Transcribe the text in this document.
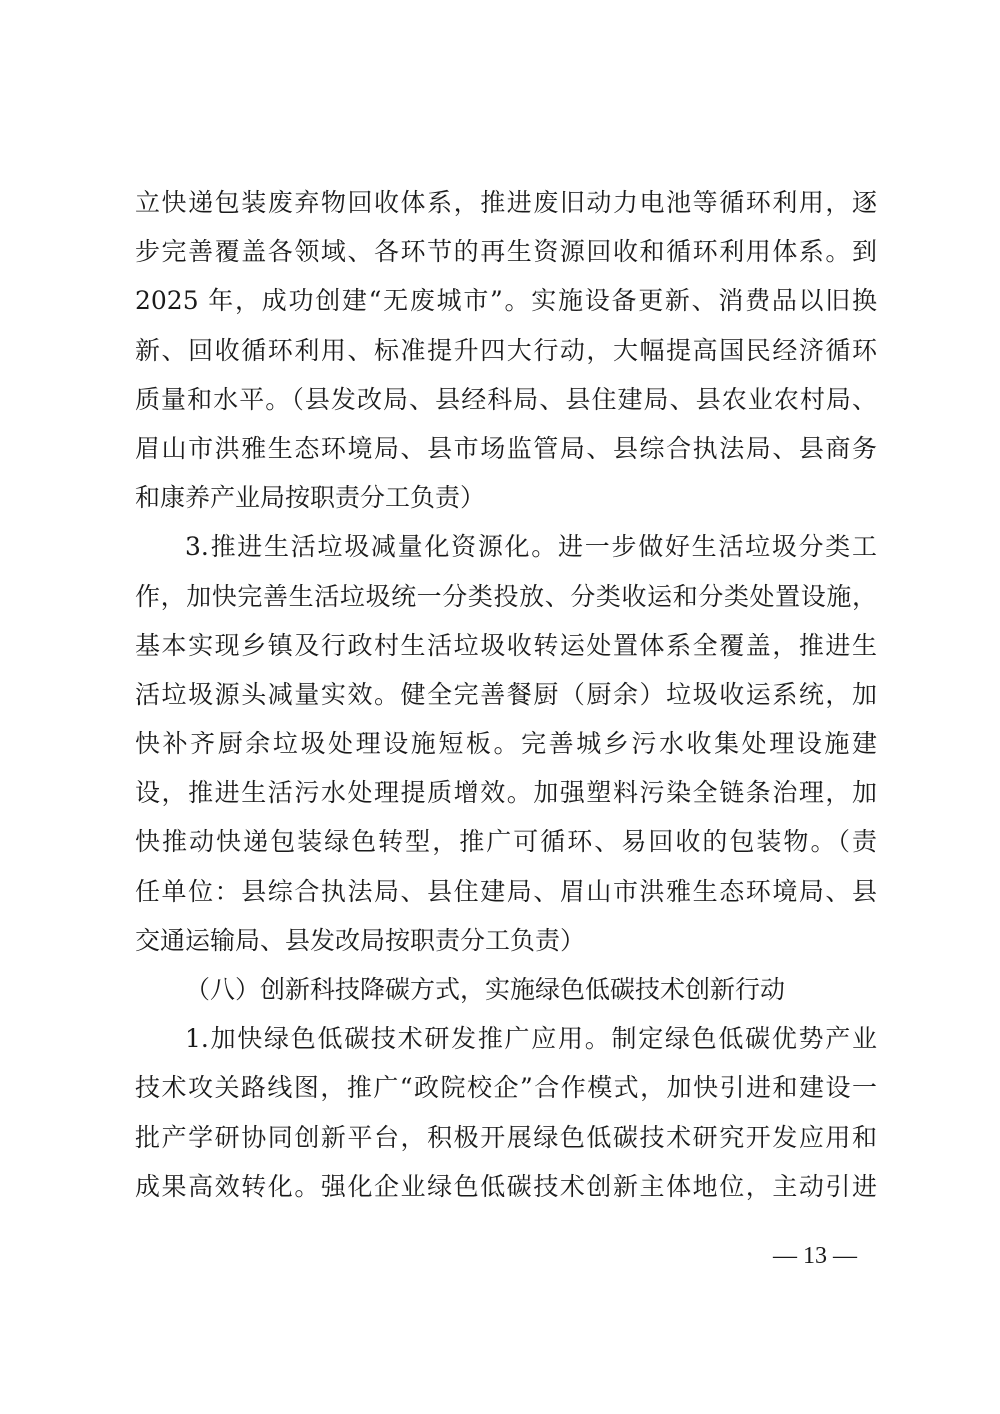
立快递包装废弃物回收体系，推进废旧动力电池等循环利用，逐
步完善覆盖各领域、各环节的再生资源回收和循环利用体系。到
2025 年，成功创建“无废城市”。实施设备更新、消费品以旧换
新、回收循环利用、标准提升四大行动，大幅提高国民经济循环
质量和水平。（县发改局、县经科局、县住建局、县农业农村局、
眉山市洪雅生态环境局、县市场监管局、县综合执法局、县商务
和康养产业局按职责分工负责）
3.推进生活垃圾减量化资源化。进一步做好生活垃圾分类工
作，加快完善生活垃圾统一分类投放、分类收运和分类处置设施，
基本实现乡镇及行政村生活垃圾收转运处置体系全覆盖，推进生
活垃圾源头减量实效。健全完善餐厨（厨余）垃圾收运系统，加
快补齐厨余垃圾处理设施短板。完善城乡污水收集处理设施建
设，推进生活污水处理提质增效。加强塑料污染全链条治理，加
快推动快递包装绿色转型，推广可循环、易回收的包装物。（责
任单位：县综合执法局、县住建局、眉山市洪雅生态环境局、县
交通运输局、县发改局按职责分工负责）
（八）创新科技降碳方式，实施绿色低碳技术创新行动
1.加快绿色低碳技术研发推广应用。制定绿色低碳优势产业
技术攻关路线图，推广“政院校企”合作模式，加快引进和建设一
批产学研协同创新平台，积极开展绿色低碳技术研究开发应用和
成果高效转化。强化企业绿色低碳技术创新主体地位，主动引进
— 13 —
